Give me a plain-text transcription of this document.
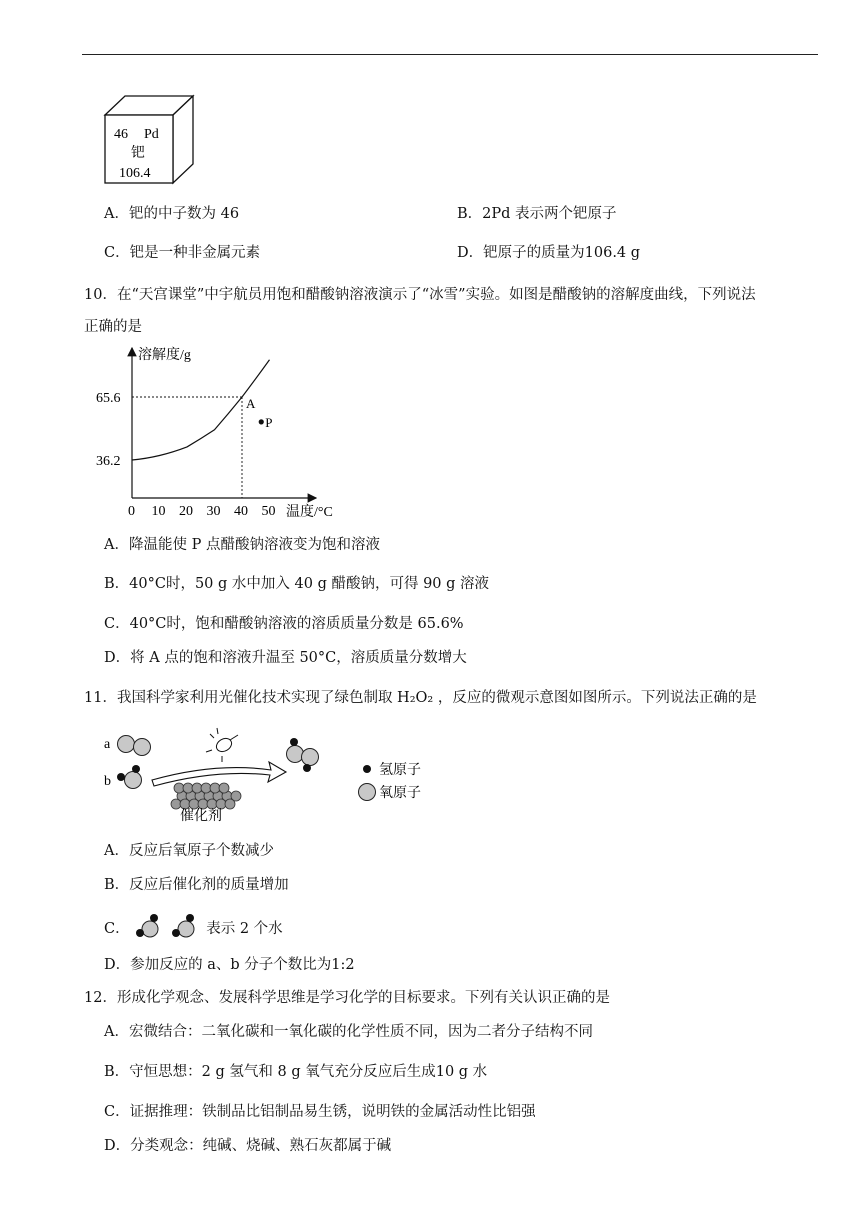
46 Pd
钯
106.4
A．钯的中子数为 46	B．2Pd 表示两个钯原子
C．钯是一种非金属元素	D．钯原子的质量为106.4 g
10．在“天宫课堂”中宇航员用饱和醋酸钠溶液演示了“冰雪”实验。如图是醋酸钠的溶解度曲线，下列说法
正确的是
溶解度/g
温度/°C
0 10 20 30 40 50
36.2
65.6	A
P
A．降温能使 P 点醋酸钠溶液变为饱和溶液
B．40°C时，50 g 水中加入 40 g 醋酸钠，可得 90 g 溶液
C．40°C时，饱和醋酸钠溶液的溶质质量分数是 65.6%
D．将 A 点的饱和溶液升温至 50°C，溶质质量分数增大
11．我国科学家利用光催化技术实现了绿色制取 H₂O₂ ，反应的微观示意图如图所示。下列说法正确的是
a
b
催化剂
氢原子
氧原子
A．反应后氧原子个数减少
B．反应后催化剂的质量增加
C．	表示 2 个水
D．参加反应的 a、b 分子个数比为1:2
12．形成化学观念、发展科学思维是学习化学的目标要求。下列有关认识正确的是
A．宏微结合：二氧化碳和一氧化碳的化学性质不同，因为二者分子结构不同
B．守恒思想：2 g 氢气和 8 g 氧气充分反应后生成10 g 水
C．证据推理：铁制品比铝制品易生锈，说明铁的金属活动性比铝强
D．分类观念：纯碱、烧碱、熟石灰都属于碱
